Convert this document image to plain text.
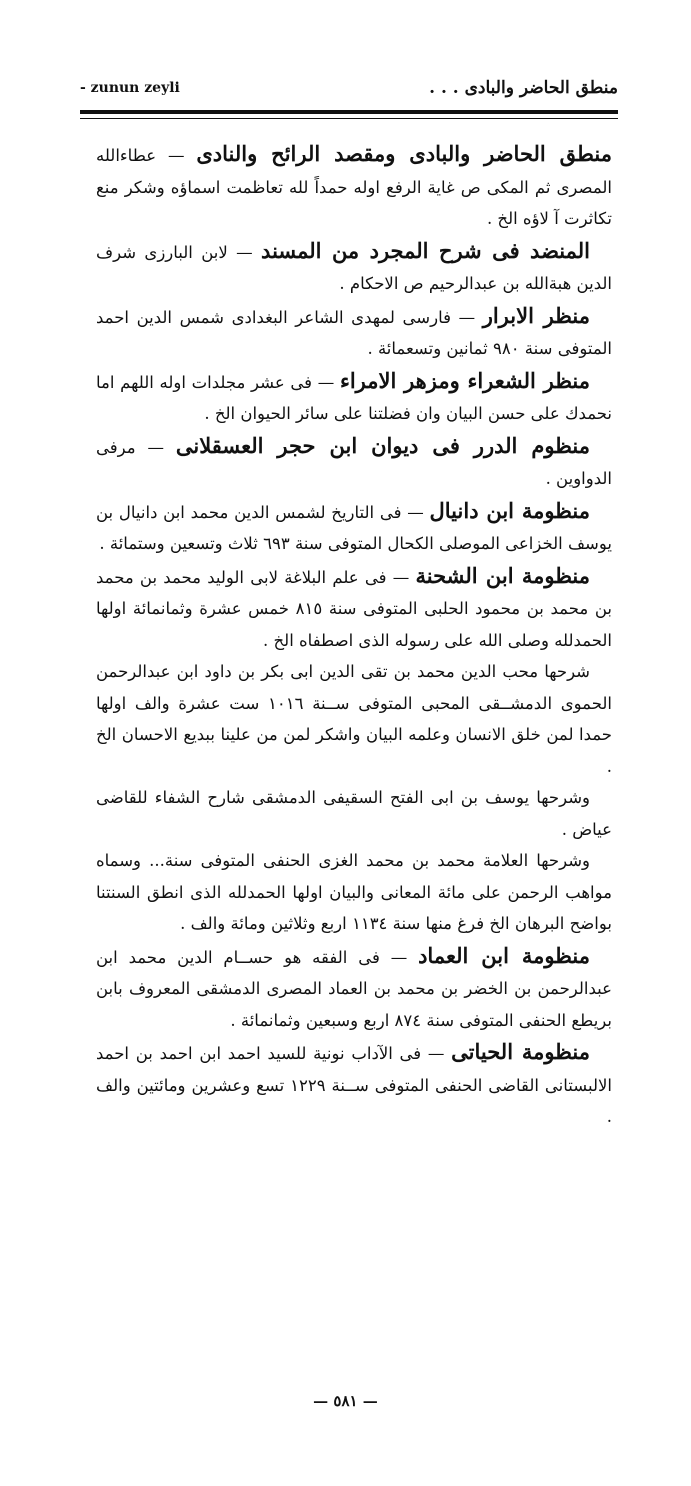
- zunun zeyli	منطق الحاضر والبادى . . .

منطق الحاضر والبادى ومقصد الرائح والنادى — عطاءالله المصرى ثم المكى ص غاية الرفع اوله حمداً لله تعاظمت اسماؤه وشكر منع تكاثرت آ لاؤه الخ .

المنضد فى شرح المجرد من المسند — لابن البارزى شرف الدين هبةالله بن عبدالرحيم ص الاحكام .

منظر الابرار — فارسى لمهدى الشاعر البغدادى شمس الدين احمد المتوفى سنة ٩٨٠ ثمانين وتسعمائة .

منظر الشعراء ومزهر الامراء — فى عشر مجلدات اوله اللهم اما نحمدك على حسن البيان وان فضلتنا على سائر الحيوان الخ .

منظوم الدرر فى ديوان ابن حجر العسقلانى — مرفى الدواوين .

منظومة ابن دانيال — فى التاريخ لشمس الدين محمد ابن دانيال بن يوسف الخزاعى الموصلى الكحال المتوفى سنة ٦٩٣ ثلاث وتسعين وستمائة .

منظومة ابن الشحنة — فى علم البلاغة لابى الوليد محمد بن محمد بن محمد بن محمود الحلبى المتوفى سنة ٨١٥ خمس عشرة وثمانمائة اولها الحمدلله وصلى الله على رسوله الذى اصطفاه الخ .

شرحها محب الدين محمد بن تقى الدين ابى بكر بن داود ابن عبدالرحمن الحموى الدمشــقى المحبى المتوفى ســنة ١٠١٦ ست عشرة والف اولها حمدا لمن خلق الانسان وعلمه البيان واشكر لمن من علينا ببديع الاحسان الخ .

وشرحها يوسف بن ابى الفتح السقيفى الدمشقى شارح الشفاء للقاضى عياض .

وشرحها العلامة محمد بن محمد الغزى الحنفى المتوفى سنة... وسماه مواهب الرحمن على مائة المعانى والبيان اولها الحمدلله الذى انطق السنتنا بواضح البرهان الخ فرغ منها سنة ١١٣٤ اربع وثلاثين ومائة والف .

منظومة ابن العماد — فى الفقه هو حســام الدين محمد ابن عبدالرحمن بن الخضر بن محمد بن العماد المصرى الدمشقى المعروف بابن بريطع الحنفى المتوفى سنة ٨٧٤ اربع وسبعين وثمانمائة .

منظومة الحياتى — فى الآداب نونية للسيد احمد ابن احمد بن احمد الالبستانى القاضى الحنفى المتوفى ســنة ١٢٢٩ تسع وعشرين ومائتين والف .

— ٥٨١ —
